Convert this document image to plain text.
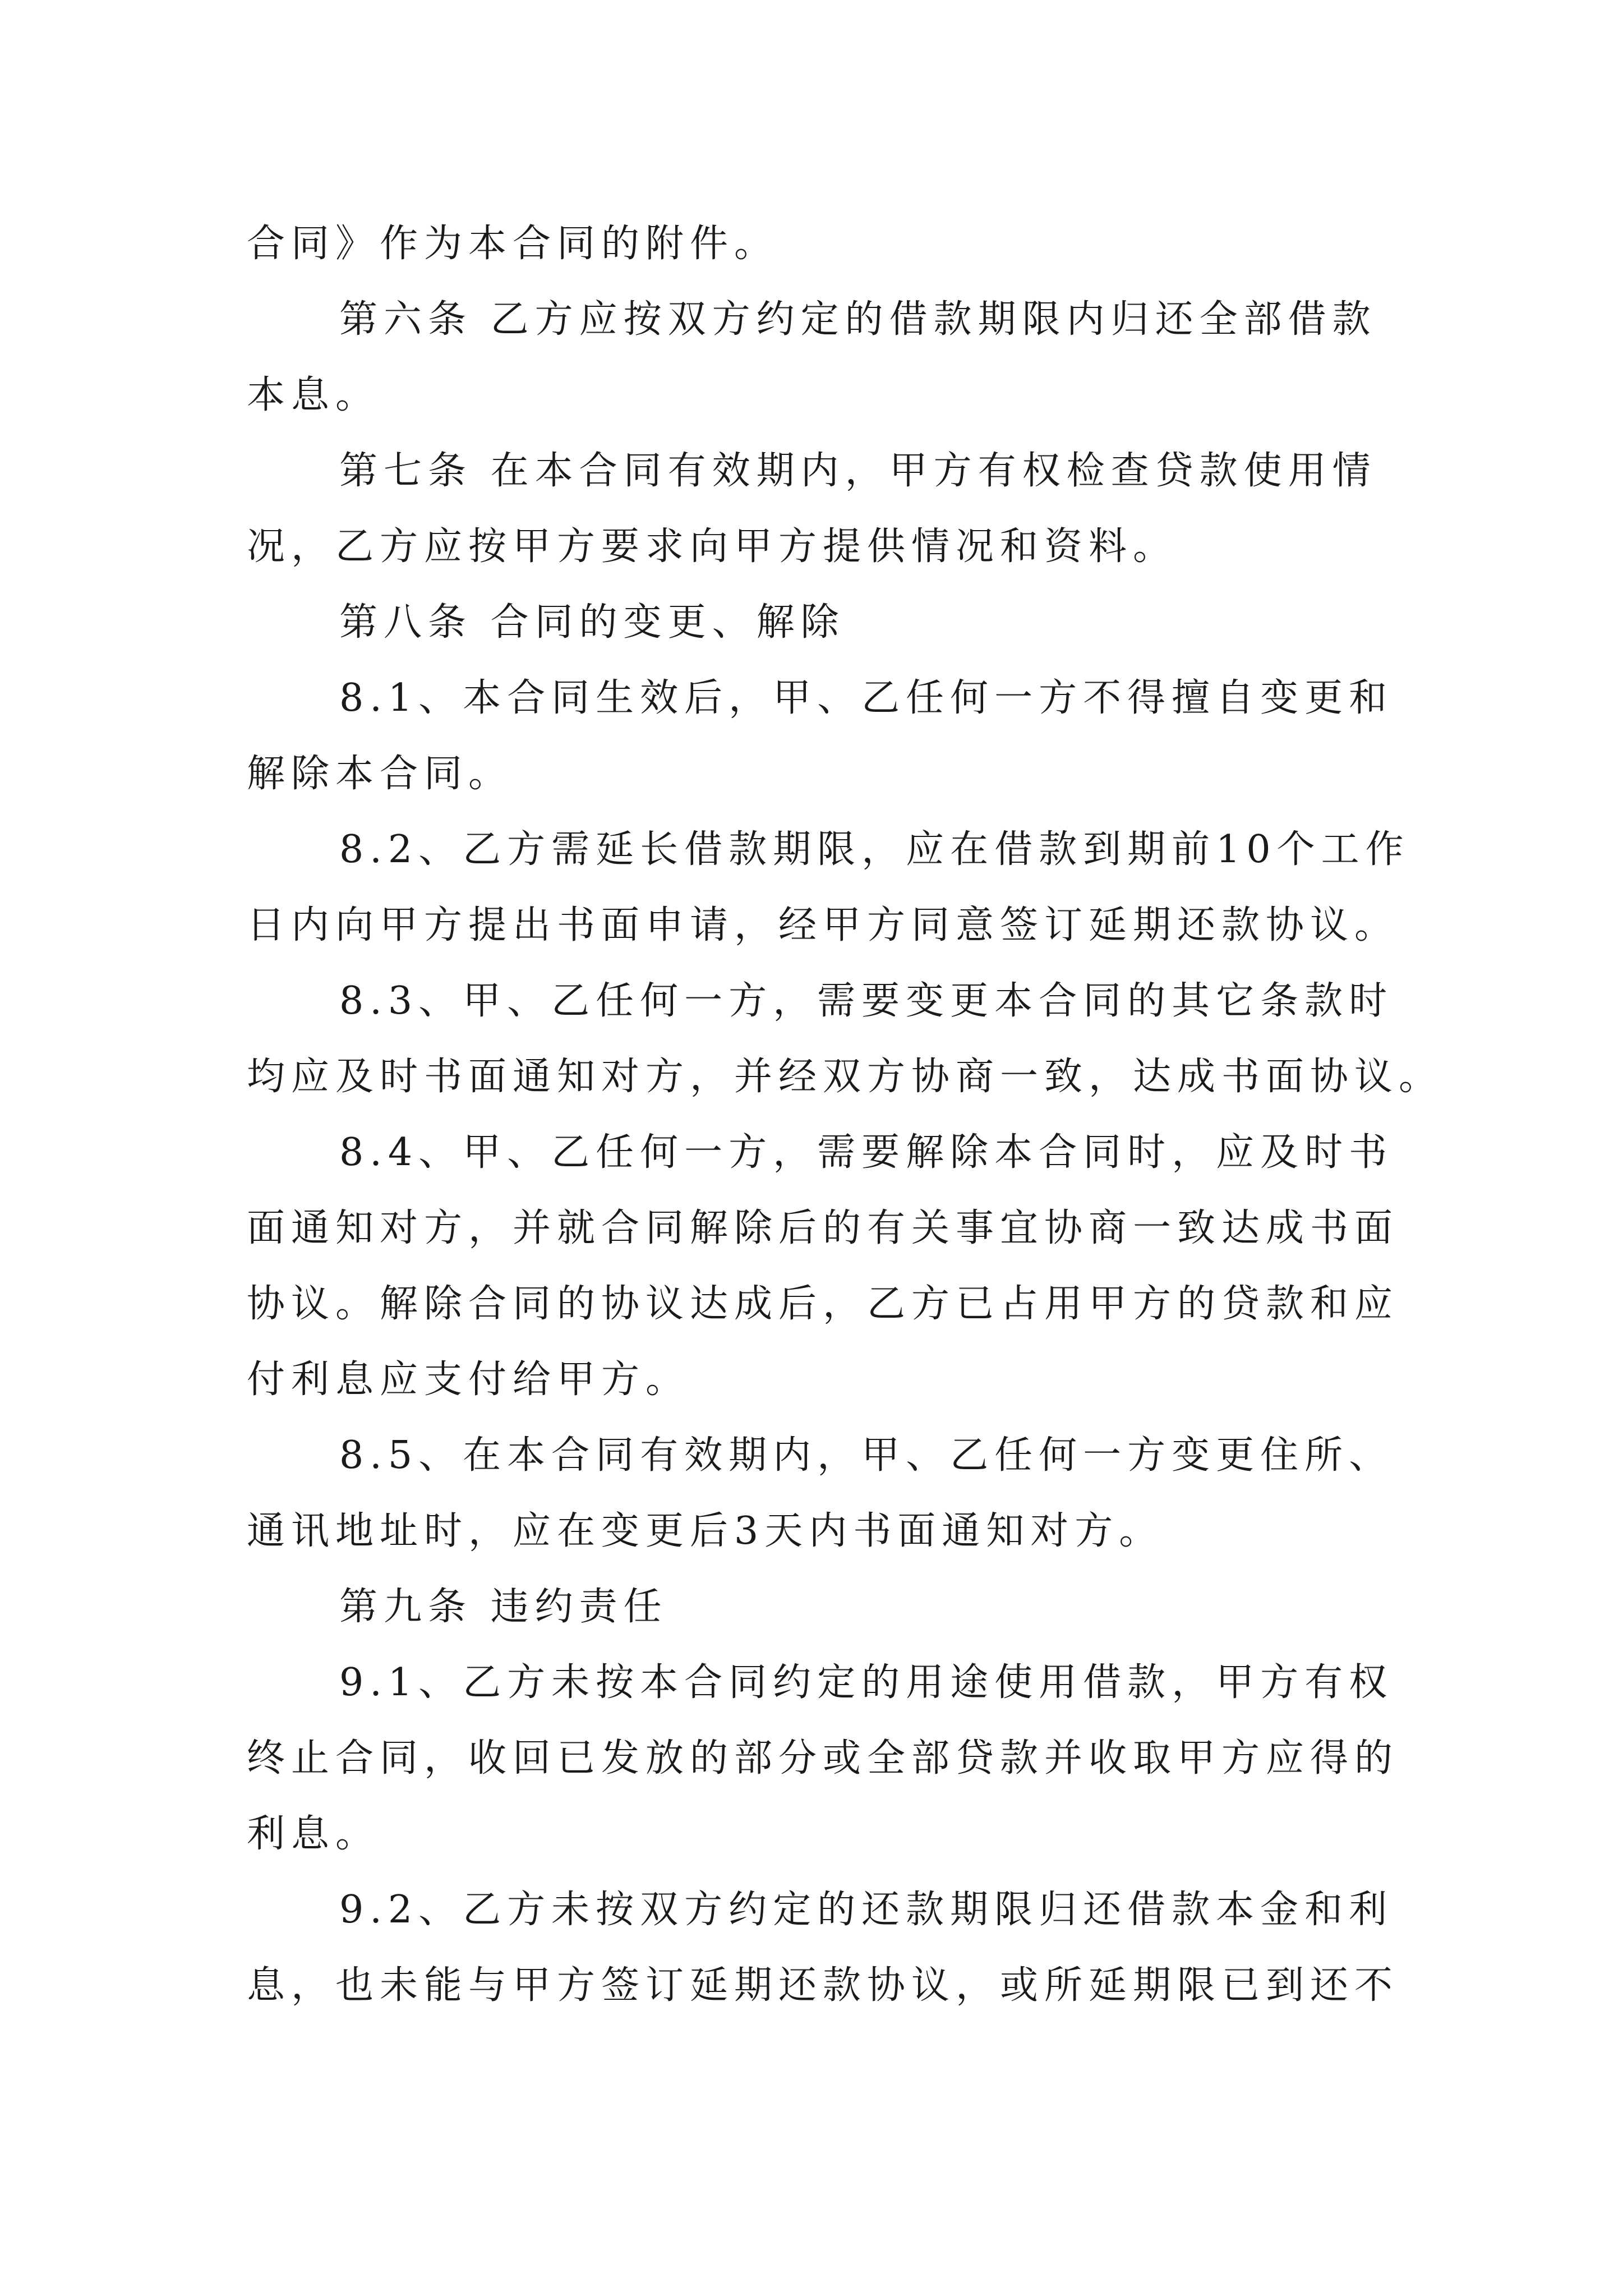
合同》作为本合同的附件。
第六条 乙方应按双方约定的借款期限内归还全部借款
本息。
第七条 在本合同有效期内，甲方有权检查贷款使用情
况，乙方应按甲方要求向甲方提供情况和资料。
第八条 合同的变更、解除
8.1、本合同生效后，甲、乙任何一方不得擅自变更和
解除本合同。
8.2、乙方需延长借款期限，应在借款到期前10个工作
日内向甲方提出书面申请，经甲方同意签订延期还款协议。
8.3、甲、乙任何一方，需要变更本合同的其它条款时
均应及时书面通知对方，并经双方协商一致，达成书面协议。
8.4、甲、乙任何一方，需要解除本合同时，应及时书
面通知对方，并就合同解除后的有关事宜协商一致达成书面
协议。解除合同的协议达成后，乙方已占用甲方的贷款和应
付利息应支付给甲方。
8.5、在本合同有效期内，甲、乙任何一方变更住所、
通讯地址时，应在变更后3天内书面通知对方。
第九条 违约责任
9.1、乙方未按本合同约定的用途使用借款，甲方有权
终止合同，收回已发放的部分或全部贷款并收取甲方应得的
利息。
9.2、乙方未按双方约定的还款期限归还借款本金和利
息，也未能与甲方签订延期还款协议，或所延期限已到还不
